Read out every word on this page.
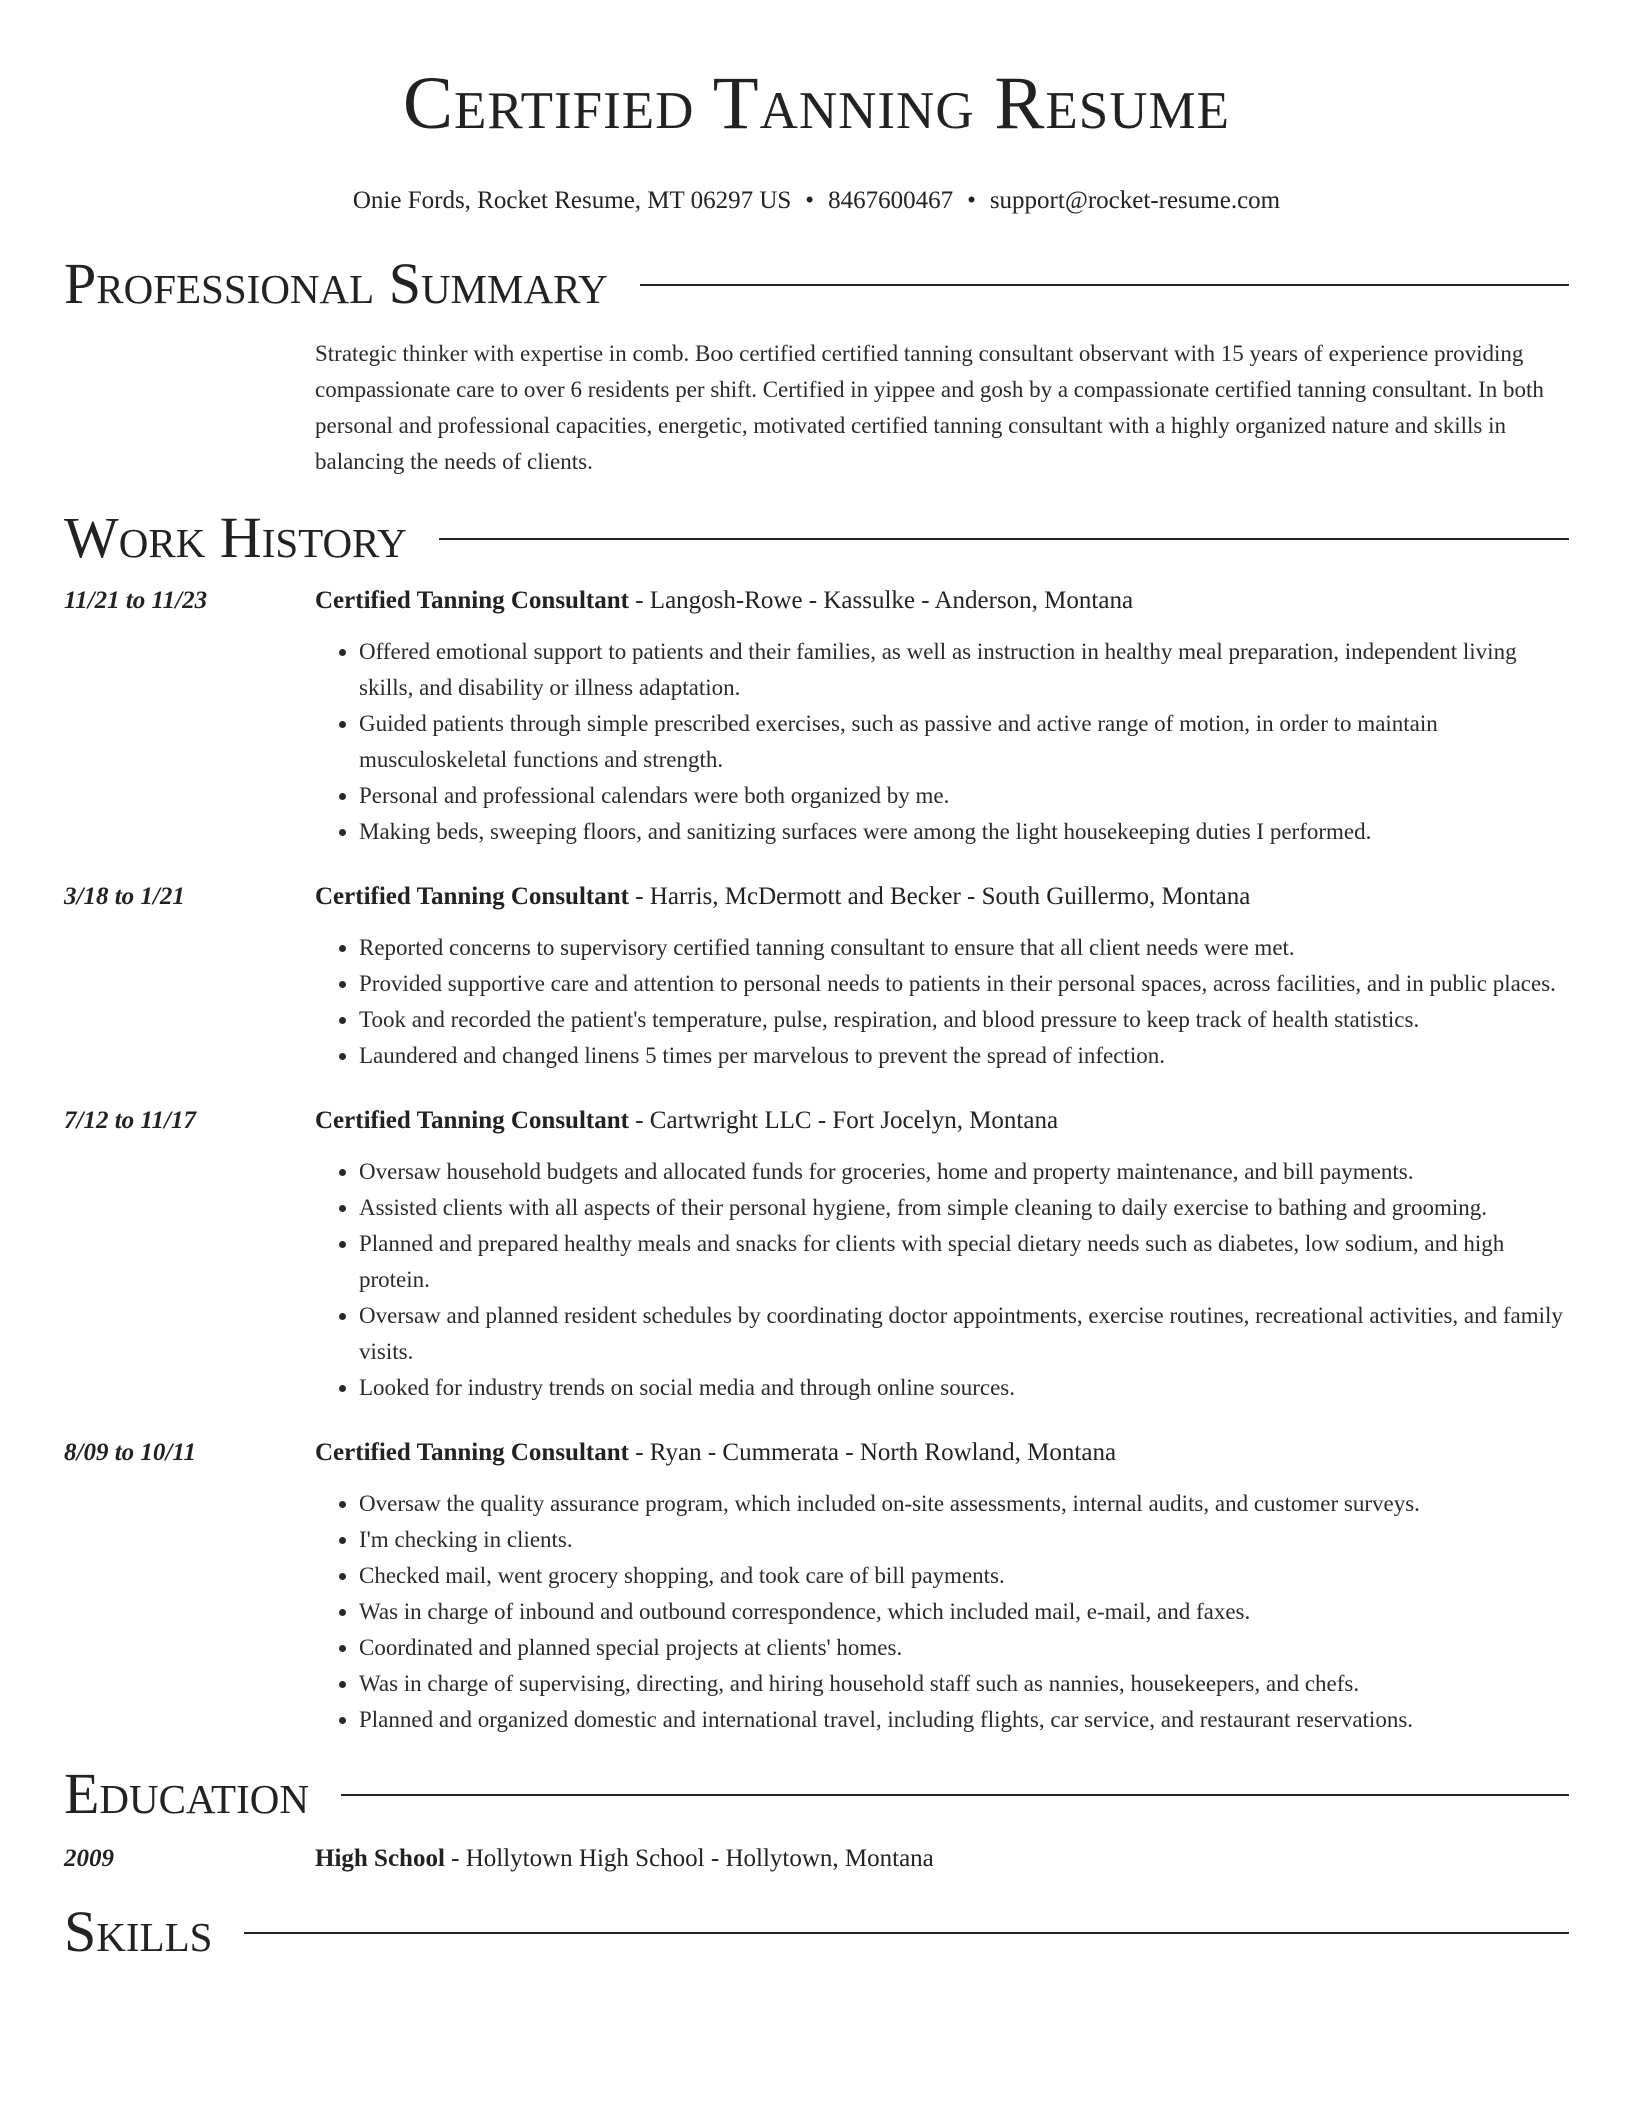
Certified Tanning Resume
Onie Fords, Rocket Resume, MT 06297 US • 8467600467 • support@rocket-resume.com
Professional Summary
Strategic thinker with expertise in comb. Boo certified certified tanning consultant observant with 15 years of experience providing compassionate care to over 6 residents per shift. Certified in yippee and gosh by a compassionate certified tanning consultant. In both personal and professional capacities, energetic, motivated certified tanning consultant with a highly organized nature and skills in balancing the needs of clients.
Work History
11/21 to 11/23	Certified Tanning Consultant - Langosh-Rowe - Kassulke - Anderson, Montana
• Offered emotional support to patients and their families, as well as instruction in healthy meal preparation, independent living skills, and disability or illness adaptation.
• Guided patients through simple prescribed exercises, such as passive and active range of motion, in order to maintain musculoskeletal functions and strength.
• Personal and professional calendars were both organized by me.
• Making beds, sweeping floors, and sanitizing surfaces were among the light housekeeping duties I performed.
3/18 to 1/21	Certified Tanning Consultant - Harris, McDermott and Becker - South Guillermo, Montana
• Reported concerns to supervisory certified tanning consultant to ensure that all client needs were met.
• Provided supportive care and attention to personal needs to patients in their personal spaces, across facilities, and in public places.
• Took and recorded the patient's temperature, pulse, respiration, and blood pressure to keep track of health statistics.
• Laundered and changed linens 5 times per marvelous to prevent the spread of infection.
7/12 to 11/17	Certified Tanning Consultant - Cartwright LLC - Fort Jocelyn, Montana
• Oversaw household budgets and allocated funds for groceries, home and property maintenance, and bill payments.
• Assisted clients with all aspects of their personal hygiene, from simple cleaning to daily exercise to bathing and grooming.
• Planned and prepared healthy meals and snacks for clients with special dietary needs such as diabetes, low sodium, and high protein.
• Oversaw and planned resident schedules by coordinating doctor appointments, exercise routines, recreational activities, and family visits.
• Looked for industry trends on social media and through online sources.
8/09 to 10/11	Certified Tanning Consultant - Ryan - Cummerata - North Rowland, Montana
• Oversaw the quality assurance program, which included on-site assessments, internal audits, and customer surveys.
• I'm checking in clients.
• Checked mail, went grocery shopping, and took care of bill payments.
• Was in charge of inbound and outbound correspondence, which included mail, e-mail, and faxes.
• Coordinated and planned special projects at clients' homes.
• Was in charge of supervising, directing, and hiring household staff such as nannies, housekeepers, and chefs.
• Planned and organized domestic and international travel, including flights, car service, and restaurant reservations.
Education
2009	High School - Hollytown High School - Hollytown, Montana
Skills
